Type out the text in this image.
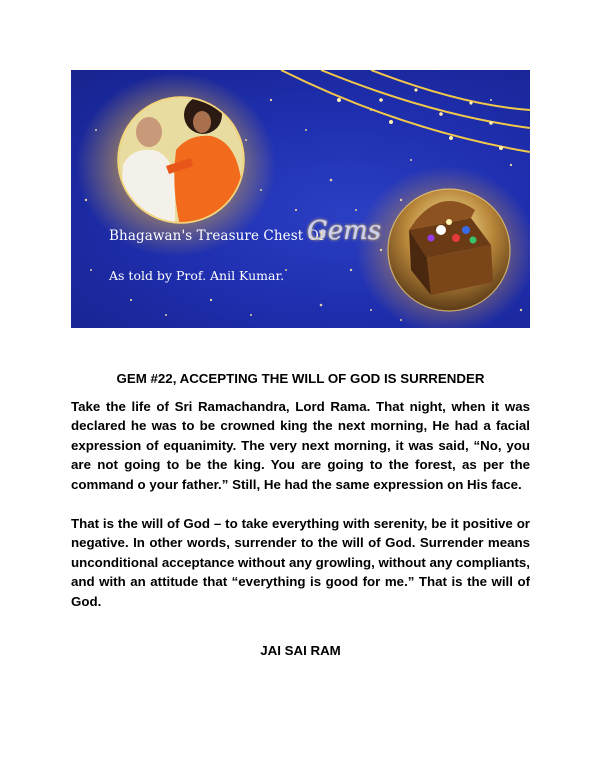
Bhagawan's Treasure Chest Of
Gems
As told by Prof. Anil Kumar.
GEM #22, ACCEPTING THE WILL OF GOD IS SURRENDER

Take the life of Sri Ramachandra, Lord Rama. That night, when it was declared he was to be crowned king the next morning, He had a facial expression of equanimity. The very next morning, it was said, “No, you are not going to be the king. You are going to the forest, as per the command o your father.” Still, He had the same expression on His face.

That is the will of God – to take everything with serenity, be it positive or negative. In other words, surrender to the will of God. Surrender means unconditional acceptance without any growling, without any compliants, and with an attitude that “everything is good for me.” That is the will of God.

JAI SAI RAM
